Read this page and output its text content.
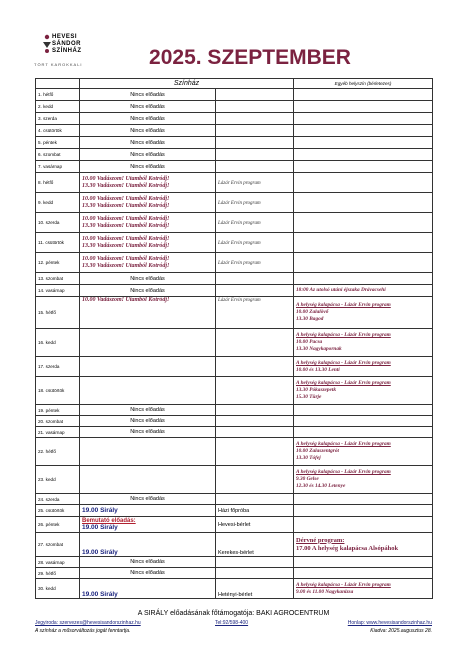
HEVESI
SÁNDOR
SZÍNHÁZ
TÖRT KAROKKALI	2025. SZEPTEMBER
	Színház		Egyéb helyszín (bérletezes)
1. hétfő	Nincs előadás		
2. kedd	Nincs előadás		
3. szerda	Nincs előadás		
4. csütörtök	Nincs előadás		
5. péntek	Nincs előadás		
6. szombat	Nincs előadás		
7. vasárnap	Nincs előadás		
8. hétfő	10.00 Vadászom! Utamból Kotródj!
13.30 Vadászom! Utamból Kotródj!	Lázár Ervin program	
9. kedd	10.00 Vadászom! Utamból Kotródj!
13.30 Vadászom! Utamból Kotródj!	Lázár Ervin program	
10. szerda	10.00 Vadászom! Utamból Kotródj!
13.30 Vadászom! Utamból Kotródj!	Lázár Ervin program	
11. csütörtök	10.00 Vadászom! Utamból Kotródj!
13.30 Vadászom! Utamból Kotródj!	Lázár Ervin program	
12. péntek	10.00 Vadászom! Utamból Kotródj!
13.30 Vadászom! Utamból Kotródj!	Lázár Ervin program	
13. szombat	Nincs előadás		
14. vasárnap	Nincs előadás		18:00 Az utolsó utáni éjszaka Drávacsehi
15. hétfő	10.00 Vadászom! Utamból Kotródj!	Lázár Ervin program	A helység kalapácsa - Lázár Ervin program
10.00 Zalalövő
13.30 Bagod

16. kedd			A helység kalapácsa - Lázár Ervin program
10.00 Pacsa
13.30 Nagykapornak

17. szerda			A helység kalapácsa - Lázár Ervin program
10.00 és 13.30 Lenti

18. csütörtök			A helység kalapácsa - Lázár Ervin program
13.30 Pókaszepetk
15.30 Türje

19. péntek	Nincs előadás		
20. szombat	Nincs előadás		
21. vasárnap	Nincs előadás		
22. hétfő			A helység kalapácsa - Lázár Ervin program
10.00 Zalaszentgrót
13.30 Tófej

23. kedd			A helység kalapácsa - Lázár Ervin program
9.30 Gelse
12.30 és 14.30 Letenye

24. szerda	Nincs előadás		
25. csütörtök	19.00 Sirály	Házi főpróba	
26. péntek	Bemutató előadás:
19.00 Sirály	Hevesi-bérlet	
27. szombat	19.00 Sirály	Kerekes-bérlet	Dérvné program:
17.00 A helység kalapácsa Alsópáhok

28. vasárnap	Nincs előadás		
29. hétfő	Nincs előadás		
30. kedd	19.00 Sirály	Hetényi-bérlet	A helység kalapácsa - Lázár Ervin program
9.00 és 11.00 Nagykanizsa
A SIRÁLY előadásának főtámogatója: BAKI AGROCENTRUM
Jegyiroda: szervezes@hevesisandorszinhaz.hu	Tel:92/598-400	Honlap: www.hevesisandorszinhaz.hu
A színház a műsorváltozás jogát fenntartja.	Kiadva: 2025.augusztus 28.
